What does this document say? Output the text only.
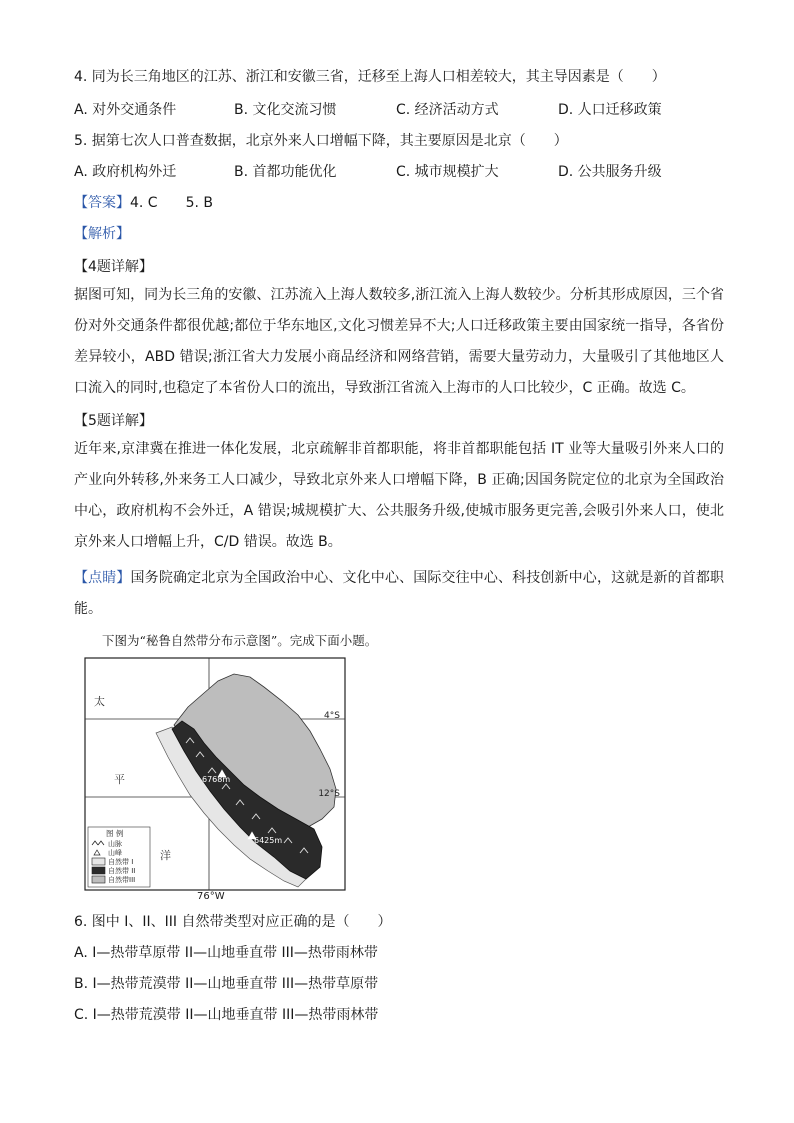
4. 同为长三角地区的江苏、浙江和安徽三省，迁移至上海人口相差较大，其主导因素是（　　）
A. 对外交通条件	B. 文化交流习惯	C. 经济活动方式	D. 人口迁移政策
5. 据第七次人口普查数据，北京外来人口增幅下降，其主要原因是北京（　　）
A. 政府机构外迁	B. 首都功能优化	C. 城市规模扩大	D. 公共服务升级
【答案】4. C　　5. B
【解析】
【4题详解】
据图可知，同为长三角的安徽、江苏流入上海人数较多,浙江流入上海人数较少。分析其形成原因，三个省份对外交通条件都很优越;都位于华东地区,文化习惯差异不大;人口迁移政策主要由国家统一指导，各省份差异较小，ABD 错误;浙江省大力发展小商品经济和网络营销，需要大量劳动力，大量吸引了其他地区人口流入的同时,也稳定了本省份人口的流出，导致浙江省流入上海市的人口比较少，C 正确。故选 C。
【5题详解】
近年来,京津冀在推进一体化发展，北京疏解非首都职能，将非首都职能包括 IT 业等大量吸引外来人口的产业向外转移,外来务工人口减少，导致北京外来人口增幅下降，B 正确;因国务院定位的北京为全国政治中心，政府机构不会外迁，A 错误;城规模扩大、公共服务升级,使城市服务更完善,会吸引外来人口，使北京外来人口增幅上升，C/D 错误。故选 B。
【点睛】国务院确定北京为全国政治中心、文化中心、国际交往中心、科技创新中心，这就是新的首都职能。
下图为“秘鲁自然带分布示意图”。完成下面小题。
6768m
6425m
太
平
洋
4°S
12°S
图 例
山脉
山峰
自然带 I
自然带 II
自然带III
76°W
6. 图中 I、II、III 自然带类型对应正确的是（　　）
A. I—热带草原带 II—山地垂直带 III—热带雨林带
B. I—热带荒漠带 II—山地垂直带 III—热带草原带
C. I—热带荒漠带 II—山地垂直带 III—热带雨林带
